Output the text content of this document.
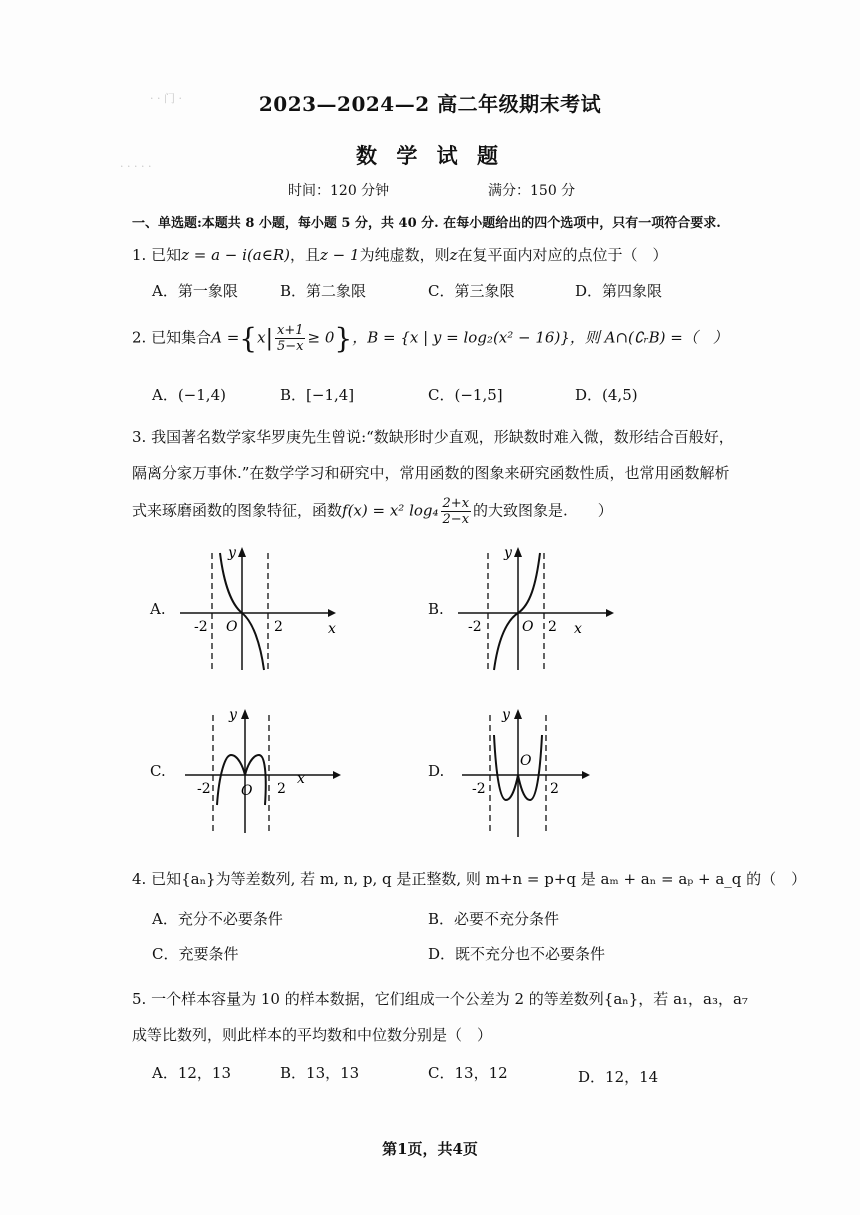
· · 门 ·
· · · · ·
2023—2024—2 高二年级期末考试
数 学 试 题
时间：120 分钟	满分：150 分
一、单选题:本题共 8 小题，每小题 5 分，共 40 分. 在每小题给出的四个选项中，只有一项符合要求.
1. 已知z = a − i(a∈R)，且z − 1为纯虚数，则z在复平面内对应的点位于（　）
A．第一象限	B．第二象限	C．第三象限	D．第四象限
2. 已知集合$A =\{x| \frac{x+1}{5-x} \ge 0\}$，B = {x | y = log₂(x² − 16)}，则 A∩(∁ᵣB) =（　）
A．(−1,4)	B．[−1,4]	C．(−1,5]	D．(4,5)
3. 我国著名数学家华罗庚先生曾说:“数缺形时少直观，形缺数时难入微，数形结合百般好，
隔离分家万事休.”在数学学习和研究中，常用函数的图象来研究函数性质，也常用函数解析
式来琢磨函数的图象特征，函数f(x) = x² $\log_4 \frac{2+x}{2-x}$ 的大致图象是.　　）
A.	B.
C.	D.
y
x
O
-2	2
y
x
O
-2	2
y
x
O
-2	2
y
O
-2	2
4. 已知{aₙ}为等差数列, 若 m, n, p, q 是正整数, 则 m+n = p+q 是 aₘ + aₙ = aₚ + a_q 的（　）
A．充分不必要条件	B．必要不充分条件
C．充要条件	D．既不充分也不必要条件
5. 一个样本容量为 10 的样本数据，它们组成一个公差为 2 的等差数列{aₙ}，若 a₁，a₃，a₇
成等比数列，则此样本的平均数和中位数分别是（　）
A．12，13	B．13，13	C．13，12	D．12，14
第1页，共4页
